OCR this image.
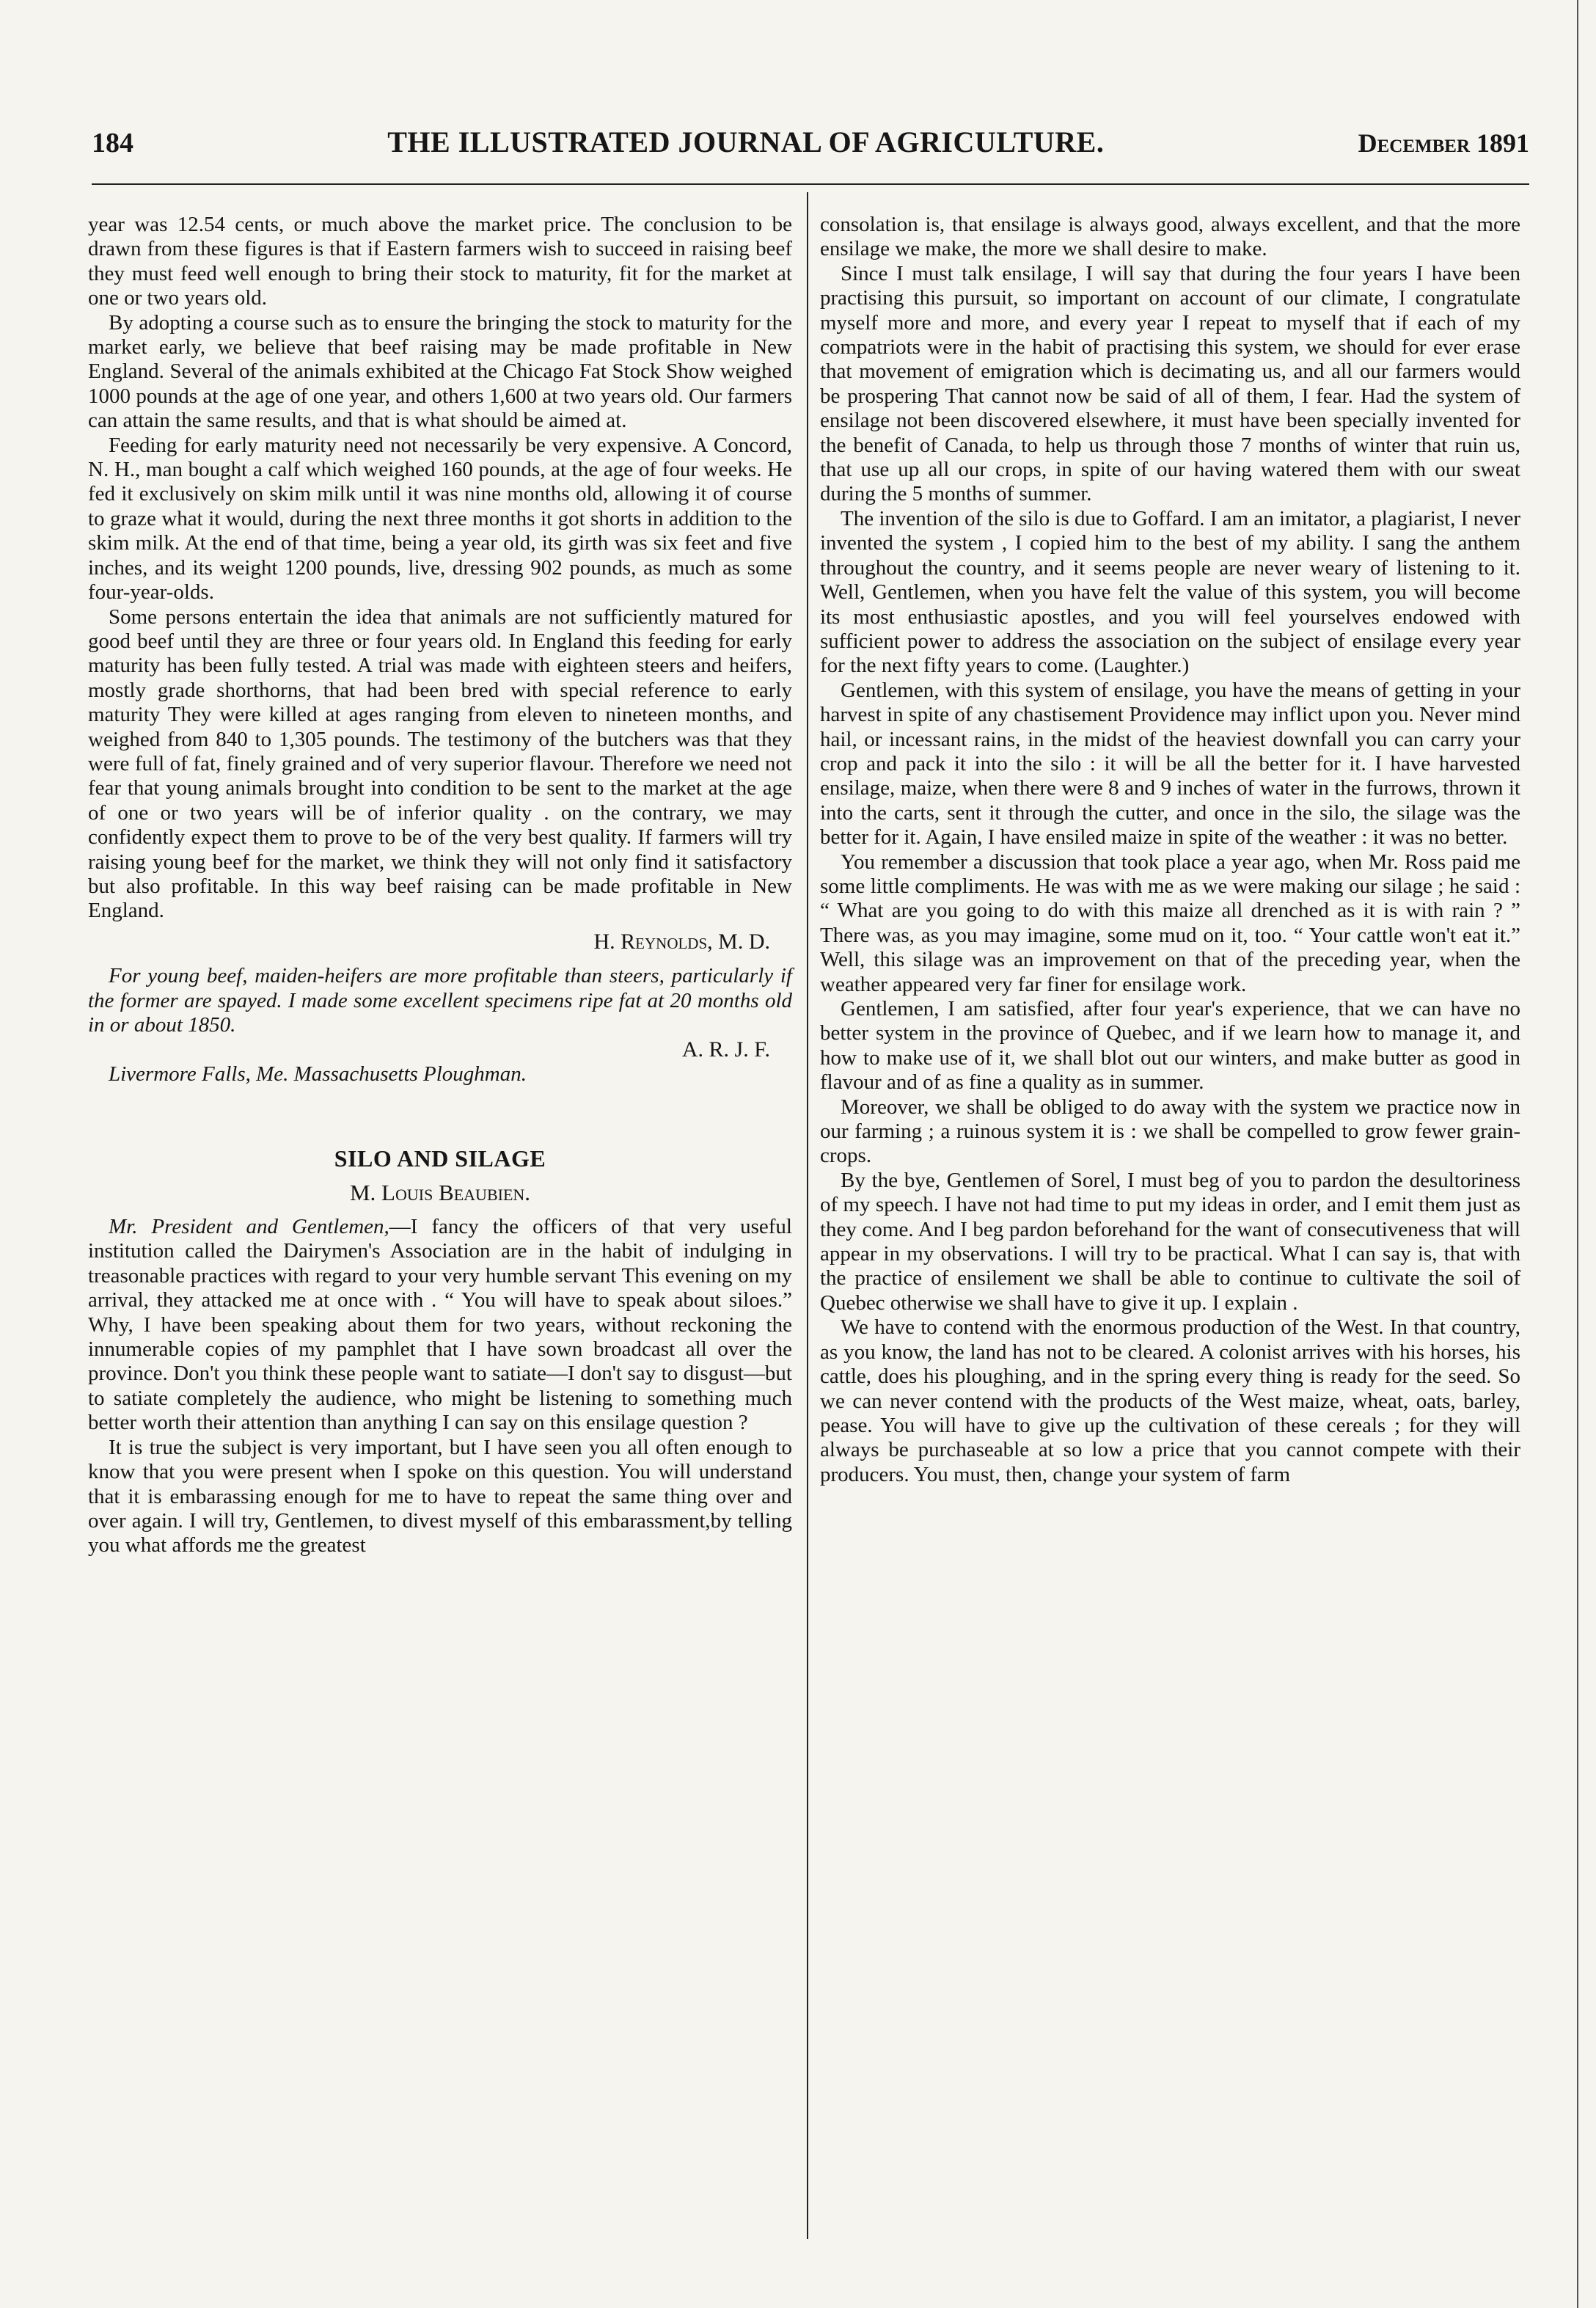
184	THE ILLUSTRATED JOURNAL OF AGRICULTURE.	December 1891

year was 12.54 cents, or much above the market price. The conclusion to be drawn from these figures is that if Eastern farmers wish to succeed in raising beef they must feed well enough to bring their stock to maturity, fit for the market at one or two years old.

By adopting a course such as to ensure the bringing the stock to maturity for the market early, we believe that beef raising may be made profitable in New England. Several of the animals exhibited at the Chicago Fat Stock Show weighed 1000 pounds at the age of one year, and others 1,600 at two years old. Our farmers can attain the same results, and that is what should be aimed at.

Feeding for early maturity need not necessarily be very expensive. A Concord, N. H., man bought a calf which weighed 160 pounds, at the age of four weeks. He fed it exclusively on skim milk until it was nine months old, allowing it of course to graze what it would, during the next three months it got shorts in addition to the skim milk. At the end of that time, being a year old, its girth was six feet and five inches, and its weight 1200 pounds, live, dressing 902 pounds, as much as some four-year-olds.

Some persons entertain the idea that animals are not sufficiently matured for good beef until they are three or four years old. In England this feeding for early maturity has been fully tested. A trial was made with eighteen steers and heifers, mostly grade shorthorns, that had been bred with special reference to early maturity They were killed at ages ranging from eleven to nineteen months, and weighed from 840 to 1,305 pounds. The testimony of the butchers was that they were full of fat, finely grained and of very superior flavour. Therefore we need not fear that young animals brought into condition to be sent to the market at the age of one or two years will be of inferior quality . on the contrary, we may confidently expect them to prove to be of the very best quality. If farmers will try raising young beef for the market, we think they will not only find it satisfactory but also profitable. In this way beef raising can be made profitable in New England.

H. Reynolds, M. D.

For young beef, maiden-heifers are more profitable than steers, particularly if the former are spayed. I made some excellent specimens ripe fat at 20 months old in or about 1850.

A. R. J. F.

Livermore Falls, Me. Massachusetts Ploughman.

SILO AND SILAGE
M. Louis Beaubien.

Mr. President and Gentlemen,—I fancy the officers of that very useful institution called the Dairymen's Association are in the habit of indulging in treasonable practices with regard to your very humble servant This evening on my arrival, they attacked me at once with . “ You will have to speak about siloes.” Why, I have been speaking about them for two years, without reckoning the innumerable copies of my pamphlet that I have sown broadcast all over the province. Don't you think these people want to satiate—I don't say to disgust—but to satiate completely the audience, who might be listening to something much better worth their attention than anything I can say on this ensilage question ?

It is true the subject is very important, but I have seen you all often enough to know that you were present when I spoke on this question. You will understand that it is embarassing enough for me to have to repeat the same thing over and over again. I will try, Gentlemen, to divest myself of this embarassment,by telling you what affords me the greatest

consolation is, that ensilage is always good, always excellent, and that the more ensilage we make, the more we shall desire to make.

Since I must talk ensilage, I will say that during the four years I have been practising this pursuit, so important on account of our climate, I congratulate myself more and more, and every year I repeat to myself that if each of my compatriots were in the habit of practising this system, we should for ever erase that movement of emigration which is decimating us, and all our farmers would be prospering That cannot now be said of all of them, I fear. Had the system of ensilage not been discovered elsewhere, it must have been specially invented for the benefit of Canada, to help us through those 7 months of winter that ruin us, that use up all our crops, in spite of our having watered them with our sweat during the 5 months of summer.

The invention of the silo is due to Goffard. I am an imitator, a plagiarist, I never invented the system , I copied him to the best of my ability. I sang the anthem throughout the country, and it seems people are never weary of listening to it. Well, Gentlemen, when you have felt the value of this system, you will become its most enthusiastic apostles, and you will feel yourselves endowed with sufficient power to address the association on the subject of ensilage every year for the next fifty years to come. (Laughter.)

Gentlemen, with this system of ensilage, you have the means of getting in your harvest in spite of any chastisement Providence may inflict upon you. Never mind hail, or incessant rains, in the midst of the heaviest downfall you can carry your crop and pack it into the silo : it will be all the better for it. I have harvested ensilage, maize, when there were 8 and 9 inches of water in the furrows, thrown it into the carts, sent it through the cutter, and once in the silo, the silage was the better for it. Again, I have ensiled maize in spite of the weather : it was no better.

You remember a discussion that took place a year ago, when Mr. Ross paid me some little compliments. He was with me as we were making our silage ; he said : “ What are you going to do with this maize all drenched as it is with rain ? ” There was, as you may imagine, some mud on it, too. “ Your cattle won't eat it.” Well, this silage was an improvement on that of the preceding year, when the weather appeared very far finer for ensilage work.

Gentlemen, I am satisfied, after four year's experience, that we can have no better system in the province of Quebec, and if we learn how to manage it, and how to make use of it, we shall blot out our winters, and make butter as good in flavour and of as fine a quality as in summer.

Moreover, we shall be obliged to do away with the system we practice now in our farming ; a ruinous system it is : we shall be compelled to grow fewer grain-crops.

By the bye, Gentlemen of Sorel, I must beg of you to pardon the desultoriness of my speech. I have not had time to put my ideas in order, and I emit them just as they come. And I beg pardon beforehand for the want of consecutiveness that will appear in my observations. I will try to be practical. What I can say is, that with the practice of ensilement we shall be able to continue to cultivate the soil of Quebec otherwise we shall have to give it up. I explain .

We have to contend with the enormous production of the West. In that country, as you know, the land has not to be cleared. A colonist arrives with his horses, his cattle, does his ploughing, and in the spring every thing is ready for the seed. So we can never contend with the products of the West maize, wheat, oats, barley, pease. You will have to give up the cultivation of these cereals ; for they will always be purchaseable at so low a price that you cannot compete with their producers. You must, then, change your system of farm
